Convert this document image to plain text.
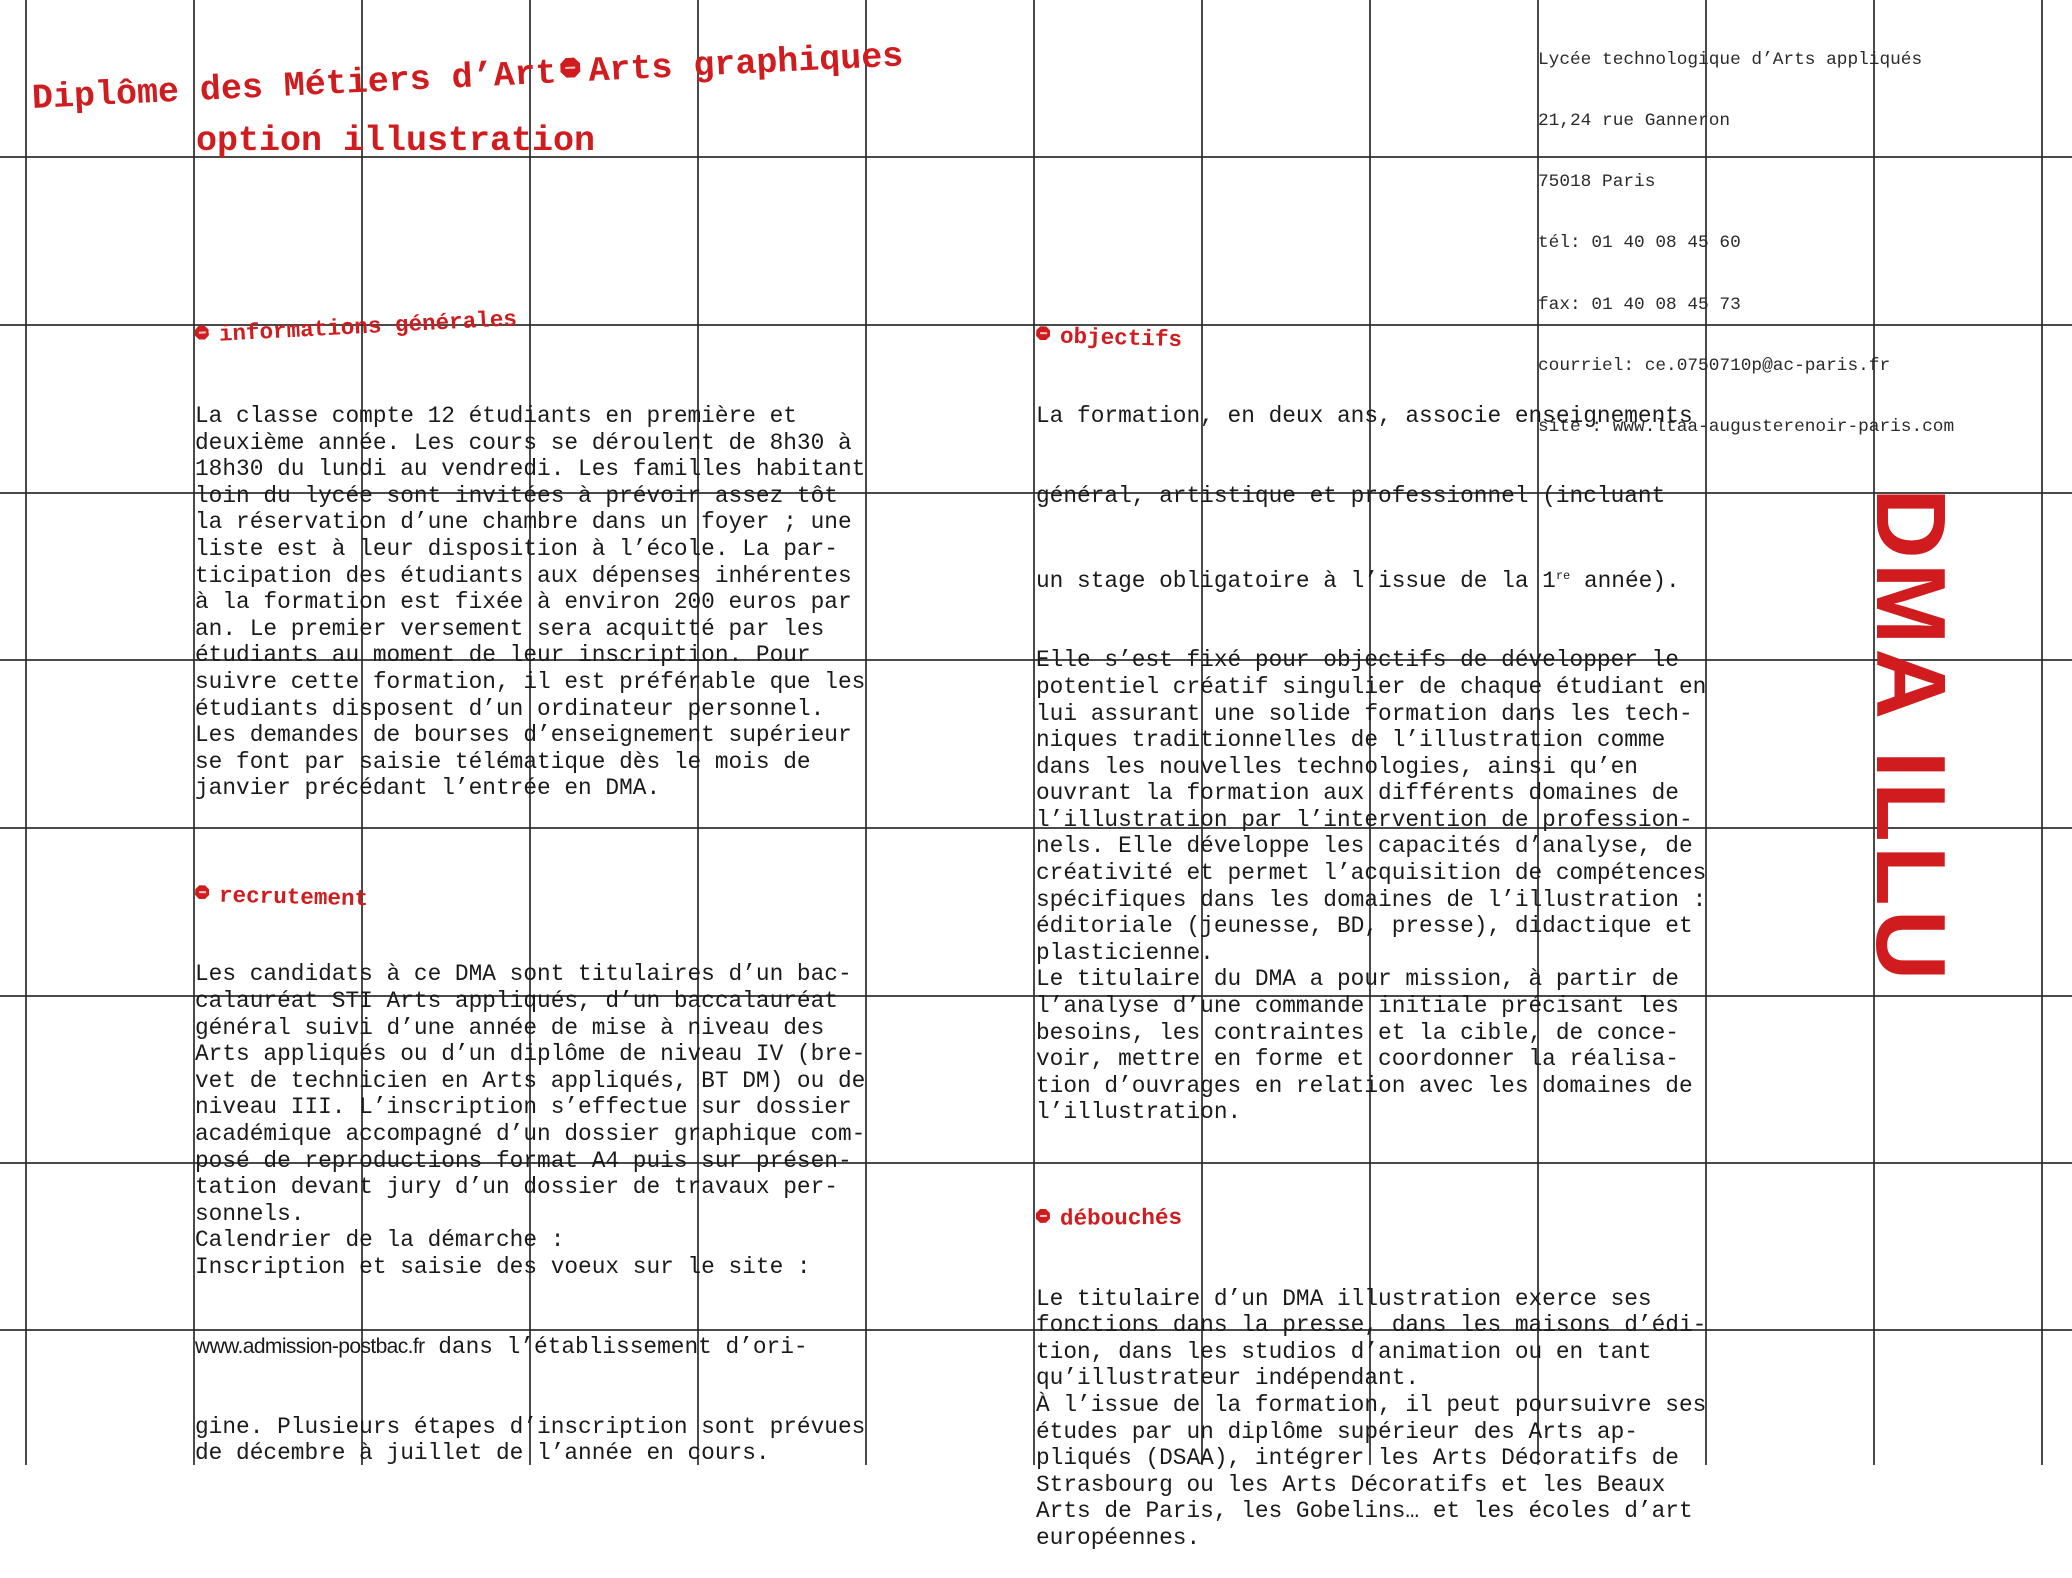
Diplôme des Métiers d’Art Arts graphiques
option illustration

Lycée technologique d’Arts appliqués

21,24 rue Ganneron

75018 Paris

tél: 01 40 08 45 60

fax: 01 40 08 45 73

courriel: ce.0750710p@ac-paris.fr

site : www.ltaa-augusterenoir-paris.com

informations générales

La classe compte 12 étudiants en première et
deuxième année. Les cours se déroulent de 8h30 à
18h30 du lundi au vendredi. Les familles habitant
loin du lycée sont invitées à prévoir assez tôt
la réservation d’une chambre dans un foyer ; une
liste est à leur disposition à l’école. La par-
ticipation des étudiants aux dépenses inhérentes
à la formation est fixée à environ 200 euros par
an. Le premier versement sera acquitté par les
étudiants au moment de leur inscription. Pour
suivre cette formation, il est préférable que les
étudiants disposent d’un ordinateur personnel.
Les demandes de bourses d’enseignement supérieur
se font par saisie télématique dès le mois de
janvier précédant l’entrée en DMA.

recrutement

Les candidats à ce DMA sont titulaires d’un bac-
calauréat STI Arts appliqués, d’un baccalauréat
général suivi d’une année de mise à niveau des
Arts appliqués ou d’un diplôme de niveau IV (bre-
vet de technicien en Arts appliqués, BT DM) ou de
niveau III. L’inscription s’effectue sur dossier
académique accompagné d’un dossier graphique com-
posé de reproductions format A4 puis sur présen-
tation devant jury d’un dossier de travaux per-
sonnels.
Calendrier de la démarche :
Inscription et saisie des voeux sur le site :

www.admission-postbac.fr dans l’établissement d’ori-

gine. Plusieurs étapes d’inscription sont prévues
de décembre à juillet de l’année en cours.

objectifs

La formation, en deux ans, associe enseignements

général, artistique et professionnel (incluant

un stage obligatoire à l’issue de la 1re année).

Elle s’est fixé pour objectifs de développer le
potentiel créatif singulier de chaque étudiant en
lui assurant une solide formation dans les tech-
niques traditionnelles de l’illustration comme
dans les nouvelles technologies, ainsi qu’en
ouvrant la formation aux différents domaines de
l’illustration par l’intervention de profession-
nels. Elle développe les capacités d’analyse, de
créativité et permet l’acquisition de compétences
spécifiques dans les domaines de l’illustration :
éditoriale (jeunesse, BD, presse), didactique et
plasticienne.
Le titulaire du DMA a pour mission, à partir de
l’analyse d’une commande initiale précisant les
besoins, les contraintes et la cible, de conce-
voir, mettre en forme et coordonner la réalisa-
tion d’ouvrages en relation avec les domaines de
l’illustration.

débouchés

Le titulaire d’un DMA illustration exerce ses
fonctions dans la presse, dans les maisons d’édi-
tion, dans les studios d’animation ou en tant
qu’illustrateur indépendant.
À l’issue de la formation, il peut poursuivre ses
études par un diplôme supérieur des Arts ap-
pliqués (DSAA), intégrer les Arts Décoratifs de
Strasbourg ou les Arts Décoratifs et les Beaux
Arts de Paris, les Gobelins… et les écoles d’art
européennes.

DMA ILLU
